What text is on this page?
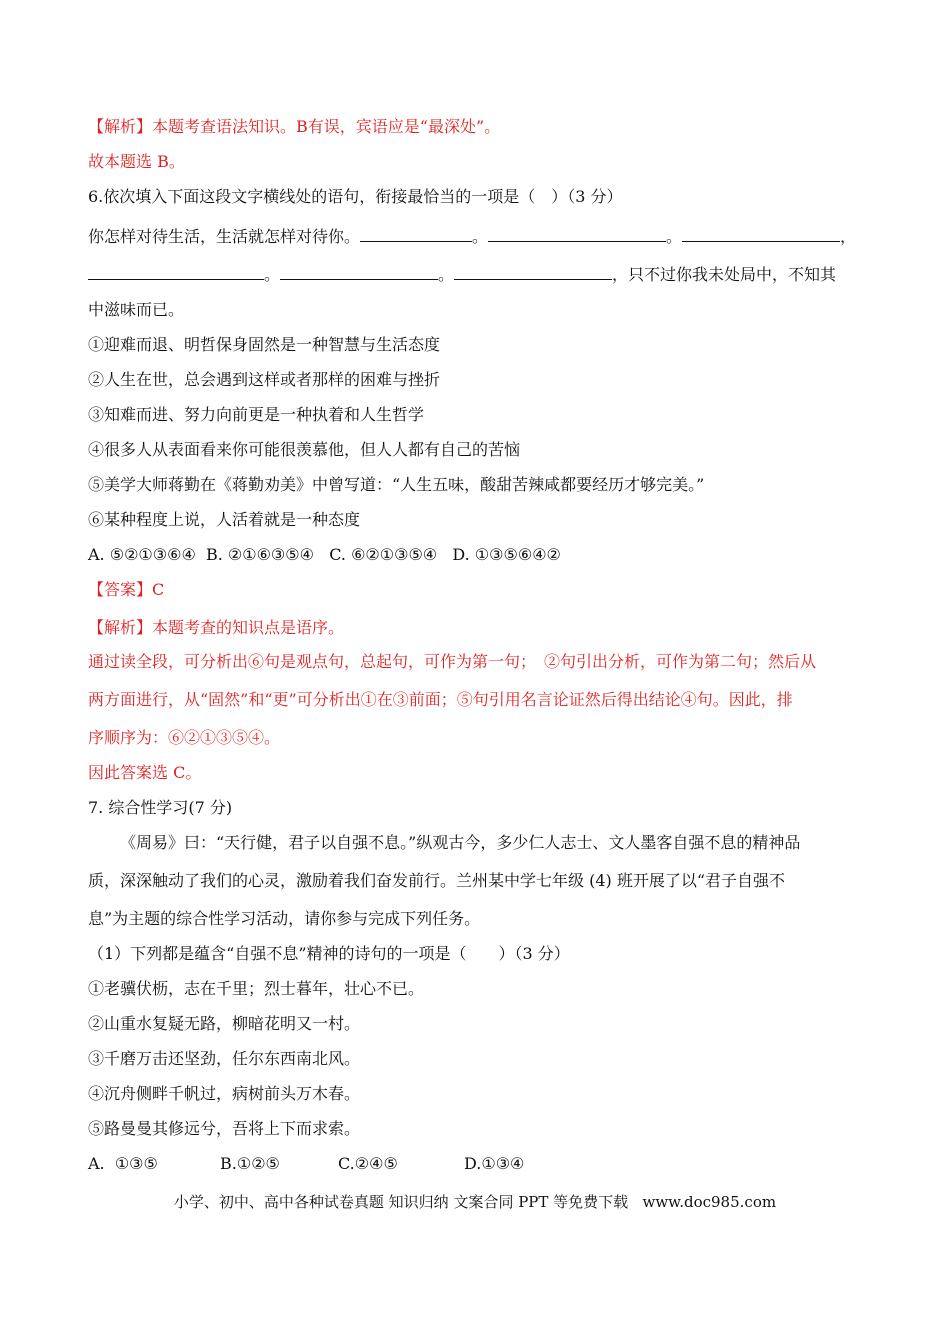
【解析】本题考查语法知识。B有误，宾语应是“最深处”。
故本题选 B。
6.依次填入下面这段文字横线处的语句，衔接最恰当的一项是（　）（3 分）
你怎样对待生活，生活就怎样对待你。	。	。	，
。	。	，只不过你我未处局中，不知其
中滋味而已。
①迎难而退、明哲保身固然是一种智慧与生活态度
②人生在世，总会遇到这样或者那样的困难与挫折
③知难而进、努力向前更是一种执着和人生哲学
④很多人从表面看来你可能很羡慕他，但人人都有自己的苦恼
⑤美学大师蒋勤在《蒋勤劝美》中曾写道：“人生五味，酸甜苦辣咸都要经历才够完美。”
⑥某种程度上说，人活着就是一种态度
A. ⑤②①③⑥④ B. ②①⑥③⑤④ C. ⑥②①③⑤④ D. ①③⑤⑥④②
【答案】C
【解析】本题考查的知识点是语序。
通过读全段，可分析出⑥句是观点句，总起句，可作为第一句；　②句引出分析，可作为第二句；然后从
两方面进行，从“固然”和“更”可分析出①在③前面；⑤句引用名言论证然后得出结论④句。因此，排
序顺序为：⑥②①③⑤④。
因此答案选 C。
7. 综合性学习(7 分)
《周易》曰：“天行健，君子以自强不息。”纵观古今，多少仁人志士、文人墨客自强不息的精神品
质，深深触动了我们的心灵，激励着我们奋发前行。兰州某中学七年级 (4) 班开展了以“君子自强不
息”为主题的综合性学习活动，请你参与完成下列任务。
（1）下列都是蕴含“自强不息”精神的诗句的一项是（　　）（3 分）
①老骥伏枥，志在千里；烈士暮年，壮心不已。
②山重水复疑无路，柳暗花明又一村。
③千磨万击还坚劲，任尔东西南北风。
④沉舟侧畔千帆过，病树前头万木春。
⑤路曼曼其修远兮，吾将上下而求索。
A.  ①③⑤	B.①②⑤	C.②④⑤	D.①③④
小学、初中、高中各种试卷真题 知识归纳 文案合同 PPT 等免费下载   www.doc985.com
